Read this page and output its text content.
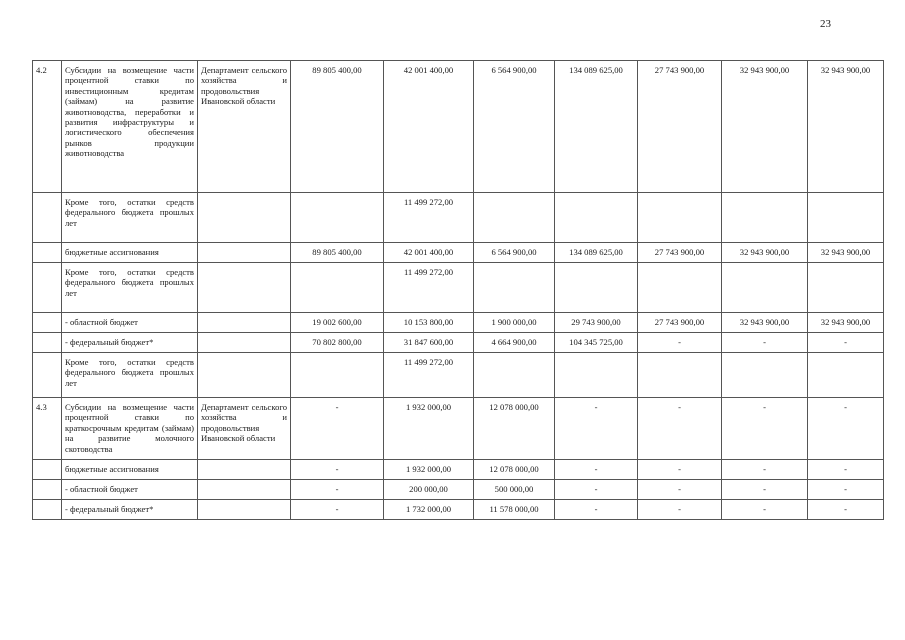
23
4.2	Субсидии на возмещение части процентной ставки по инвестиционным кредитам (займам) на развитие животноводства, переработки и развития инфраструктуры и логистического обеспечения рынков продукции животноводства	Департамент сельского хозяйства и продовольствия Ивановской области	89 805 400,00	42 001 400,00	6 564 900,00	134 089 625,00	27 743 900,00	32 943 900,00	32 943 900,00
	Кроме того, остатки средств федерального бюджета прошлых лет			11 499 272,00					
	бюджетные ассигнования		89 805 400,00	42 001 400,00	6 564 900,00	134 089 625,00	27 743 900,00	32 943 900,00	32 943 900,00
	Кроме того, остатки средств федерального бюджета прошлых лет			11 499 272,00					
	- областной бюджет		19 002 600,00	10 153 800,00	1 900 000,00	29 743 900,00	27 743 900,00	32 943 900,00	32 943 900,00
	- федеральный бюджет*		70 802 800,00	31 847 600,00	4 664 900,00	104 345 725,00	-	-	-
	Кроме того, остатки средств федерального бюджета прошлых лет			11 499 272,00					
4.3	Субсидии на возмещение части процентной ставки по краткосрочным кредитам (займам) на развитие молочного скотоводства	Департамент сельского хозяйства и продовольствия Ивановской области	-	1 932 000,00	12 078 000,00	-	-	-	-
	бюджетные ассигнования		-	1 932 000,00	12 078 000,00	-	-	-	-
	- областной бюджет		-	200 000,00	500 000,00	-	-	-	-
	- федеральный бюджет*		-	1 732 000,00	11 578 000,00	-	-	-	-
